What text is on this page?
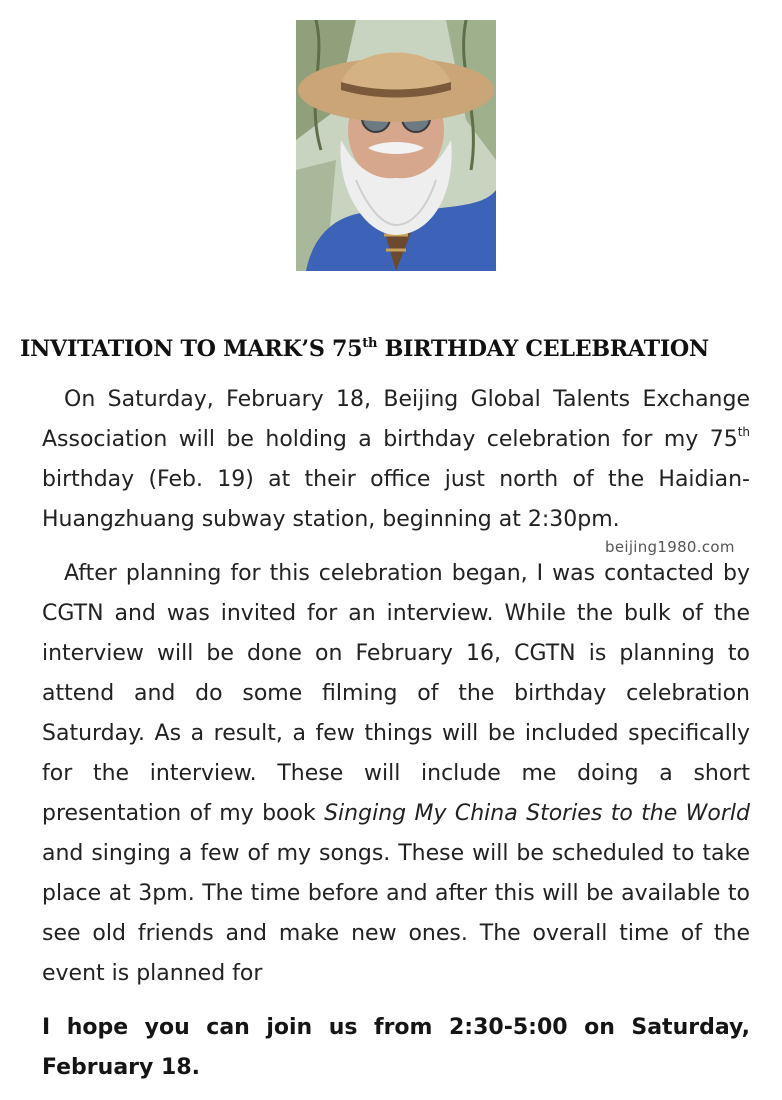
INVITATION TO MARK’S 75th BIRTHDAY CELEBRATION
On Saturday, February 18, Beijing Global Talents Exchange Association will be holding a birthday celebration for my 75th birthday (Feb. 19) at their office just north of the Haidian-Huangzhuang subway station, beginning at 2:30pm.
beijing1980.com
After planning for this celebration began, I was contacted by CGTN and was invited for an interview. While the bulk of the interview will be done on February 16, CGTN is planning to attend and do some filming of the birthday celebration Saturday. As a result, a few things will be included specifically for the interview. These will include me doing a short presentation of my book Singing My China Stories to the World and singing a few of my songs. These will be scheduled to take place at 3pm. The time before and after this will be available to see old friends and make new ones. The overall time of the event is planned for
I hope you can join us from 2:30-5:00 on Saturday, February 18.
